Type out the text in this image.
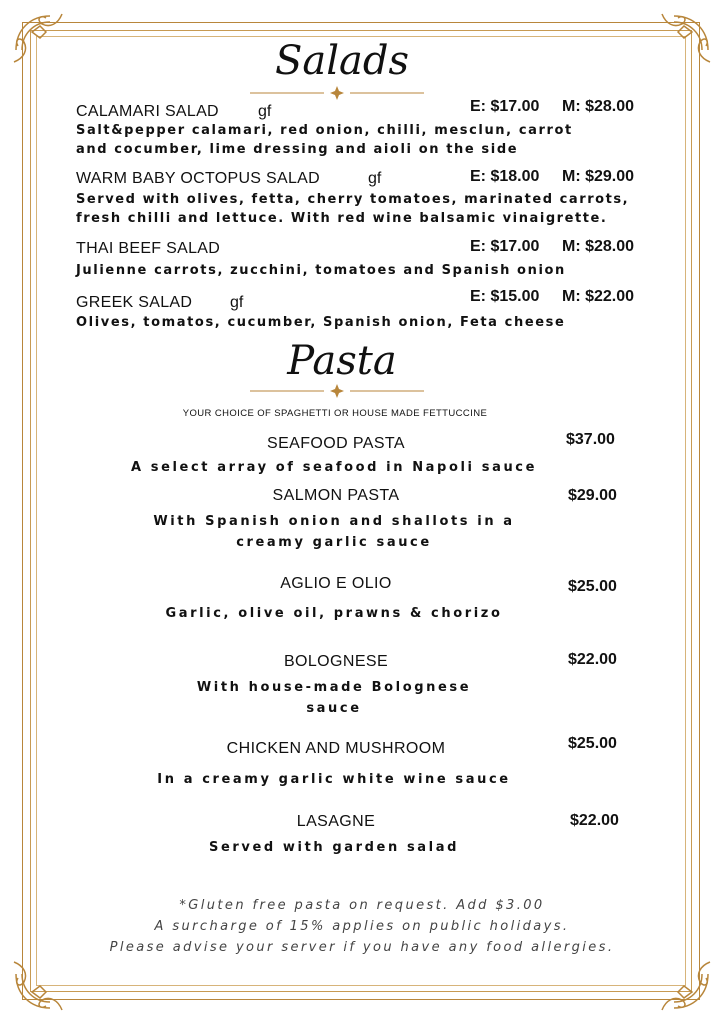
Salads
CALAMARI SALAD gf	E: $17.00 M: $28.00
Salt&pepper calamari, red onion, chilli, mesclun, carrot
and cocumber, lime dressing and aioli on the side
WARM BABY OCTOPUS SALAD	gf	E: $18.00 M: $29.00
Served with olives, fetta, cherry tomatoes, marinated carrots,
fresh chilli and lettuce. With red wine balsamic vinaigrette.
THAI BEEF SALAD	E: $17.00 M: $28.00
Julienne carrots, zucchini, tomatoes and Spanish onion
GREEK SALAD gf	E: $15.00 M: $22.00
Olives, tomatos, cucumber, Spanish onion, Feta cheese
Pasta
YOUR CHOICE OF SPAGHETTI OR HOUSE MADE FETTUCCINE
SEAFOOD PASTA	$37.00
A select array of seafood in Napoli sauce
SALMON PASTA	$29.00
With Spanish onion and shallots in a
creamy garlic sauce
AGLIO E OLIO	$25.00
Garlic, olive oil, prawns & chorizo
BOLOGNESE	$22.00
With house-made Bolognese
sauce
CHICKEN AND MUSHROOM	$25.00
In a creamy garlic white wine sauce
LASAGNE	$22.00
Served with garden salad
*Gluten free pasta on request. Add $3.00
A surcharge of 15% applies on public holidays.
Please advise your server if you have any food allergies.
